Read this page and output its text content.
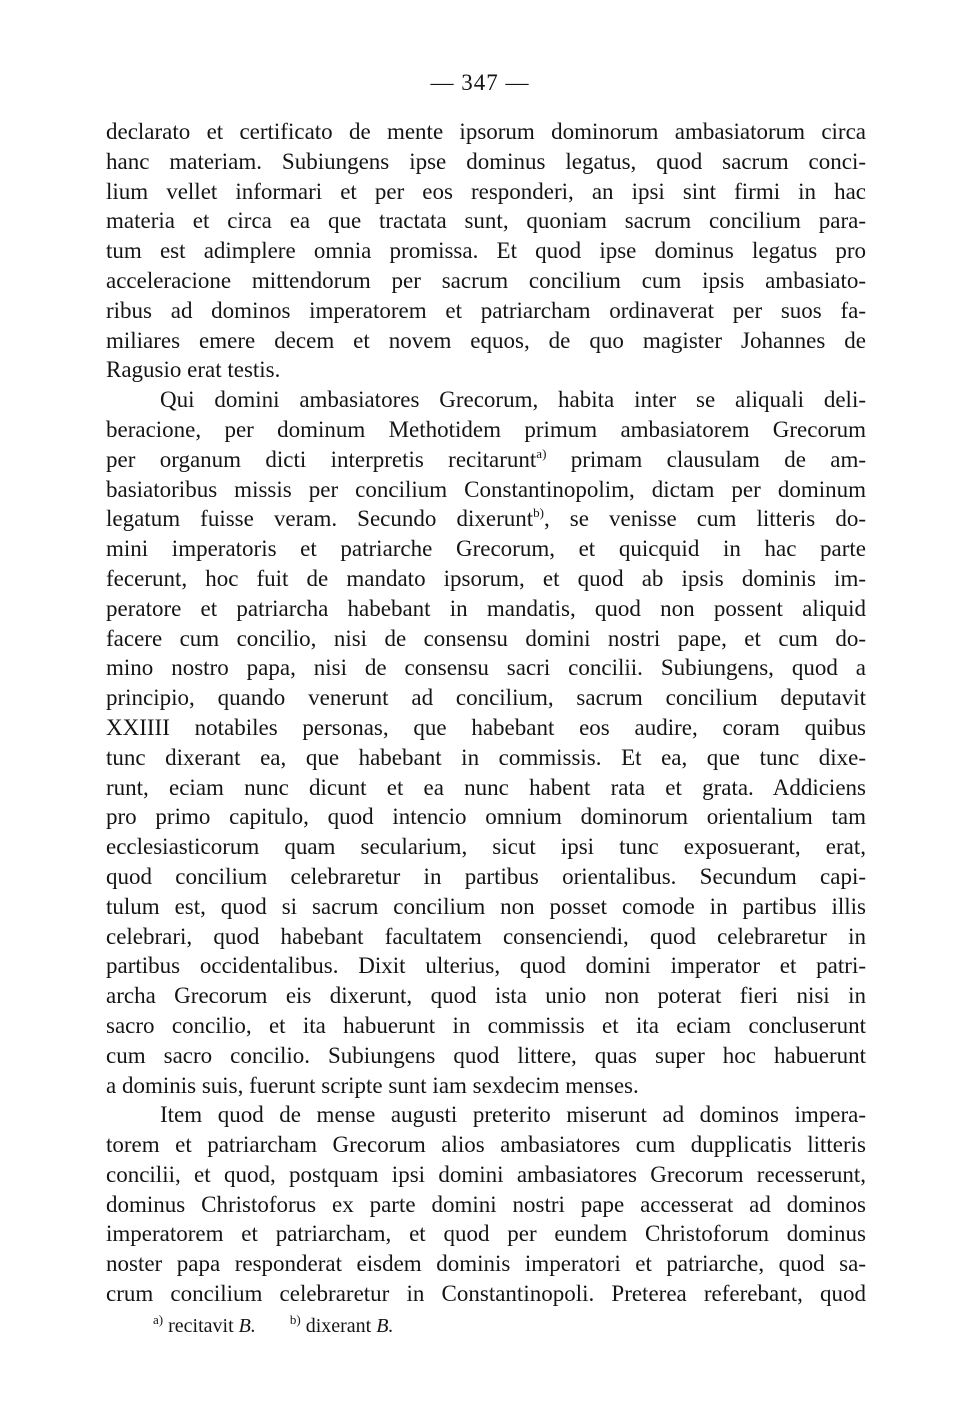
— 347 —
declarato et certificato de mente ipsorum dominorum ambasiatorum circa
hanc materiam. Subiungens ipse dominus legatus, quod sacrum conci-
lium vellet informari et per eos responderi, an ipsi sint firmi in hac
materia et circa ea que tractata sunt, quoniam sacrum concilium para-
tum est adimplere omnia promissa. Et quod ipse dominus legatus pro
acceleracione mittendorum per sacrum concilium cum ipsis ambasiato-
ribus ad dominos imperatorem et patriarcham ordinaverat per suos fa-
miliares emere decem et novem equos, de quo magister Johannes de
Ragusio erat testis.
Qui domini ambasiatores Grecorum, habita inter se aliquali deli-
beracione, per dominum Methotidem primum ambasiatorem Grecorum
per organum dicti interpretis recitarunt$^{a)}$ primam clausulam de am-
basiatoribus missis per concilium Constantinopolim, dictam per dominum
legatum fuisse veram. Secundo dixerunt$^{b)}$, se venisse cum litteris do-
mini imperatoris et patriarche Grecorum, et quicquid in hac parte
fecerunt, hoc fuit de mandato ipsorum, et quod ab ipsis dominis im-
peratore et patriarcha habebant in mandatis, quod non possent aliquid
facere cum concilio, nisi de consensu domini nostri pape, et cum do-
mino nostro papa, nisi de consensu sacri concilii. Subiungens, quod a
principio, quando venerunt ad concilium, sacrum concilium deputavit
XXIIII notabiles personas, que habebant eos audire, coram quibus
tunc dixerant ea, que habebant in commissis. Et ea, que tunc dixe-
runt, eciam nunc dicunt et ea nunc habent rata et grata. Addiciens
pro primo capitulo, quod intencio omnium dominorum orientalium tam
ecclesiasticorum quam secularium, sicut ipsi tunc exposuerant, erat,
quod concilium celebraretur in partibus orientalibus. Secundum capi-
tulum est, quod si sacrum concilium non posset comode in partibus illis
celebrari, quod habebant facultatem consenciendi, quod celebraretur in
partibus occidentalibus. Dixit ulterius, quod domini imperator et patri-
archa Grecorum eis dixerunt, quod ista unio non poterat fieri nisi in
sacro concilio, et ita habuerunt in commissis et ita eciam concluserunt
cum sacro concilio. Subiungens quod littere, quas super hoc habuerunt
a dominis suis, fuerunt scripte sunt iam sexdecim menses.
Item quod de mense augusti preterito miserunt ad dominos impera-
torem et patriarcham Grecorum alios ambasiatores cum dupplicatis litteris
concilii, et quod, postquam ipsi domini ambasiatores Grecorum recesserunt,
dominus Christoforus ex parte domini nostri pape accesserat ad dominos
imperatorem et patriarcham, et quod per eundem Christoforum dominus
noster papa responderat eisdem dominis imperatori et patriarche, quod sa-
crum concilium celebraretur in Constantinopoli. Preterea referebant, quod
$^{a)}$ recitavit B.	$^{b)}$ dixerant B.
